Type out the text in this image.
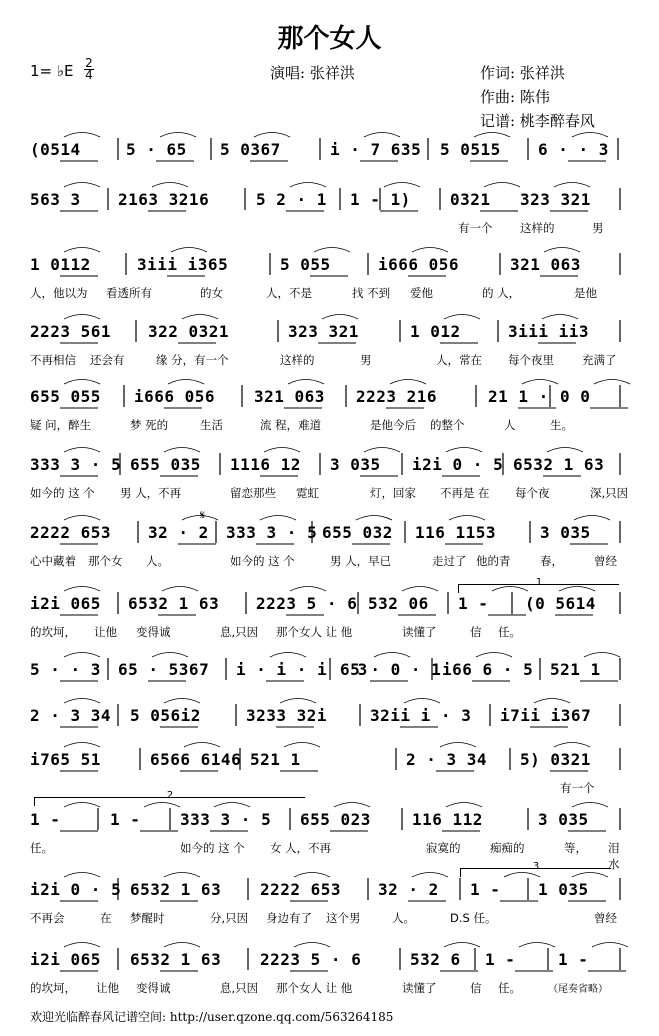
那个女人
1= ♭E 2
4	演唱: 张祥洪	作词: 张祥洪
作曲: 陈伟
记谱: 桃李醉春风
(0514	5 · 65 5 0367	i · 7 635 5 0515 6 · · 3
563 3 2163 3216	5 2 · 1 1 - 1) 0321 323 321
有一个 这样的	男
1 0112	3iii i365	5 055	i666 056	321 063
人，他以为 看透所有	的女	人，不是	找 不到 爱他	的 人，	是他
2223 561 322 0321	323 321	1 012	3iii ii3
不再相信 还会有	缘 分，有一个	这样的	男	人，常在 每个夜里 充满了
655 055 i666 056 321 063 2223 216	21 1 · 0 0
疑 问，醉生	梦 死的	生活	流 程，难道	是他今后 的整个	人	生。
333 3 · 5 655 035 1116 12 3 035 i2i 0 · 5 6532 1 63
如今的 这 个 男 人，不再	留恋那些 霓虹	灯，回家 不再是 在 每个夜	深,只因
2222 653 32 · 2 333 3 · 5 655 032 116 1153	3 035
心中藏着 那个女 人。	如今的 这 个	男 人，早已	走过了 他的青	春，	曾经
i2i 065 6532 1 63 2223 5 · 6 532 06 1 - (0 5614
的坎坷， 让他 变得诚	息,只因 那个女人 让 他	读懂了	信 任。
5 · · 3 65 · 5367 i · i · i · 3
65 · 0 · 1 i66 6 · 5 521 1
2 · 3 34 5 056i2	3233 32i	32ii i · 3 i7ii i367
i765 51	6566 6146 521 1	2 · 3 34 5) 0321
有一个
1 -	1 - 333 3 · 5 655 023	116 112	3 035
任。	如今的 这 个 女 人，不再	寂寞的	痴痴的	等， 泪水
i2i 0 · 5 6532 1 63 2222 653 32 · 2 1 - 1 035
不再会	在 梦醒时	分,只因 身边有了 这个男	人。	D.S 任。	曾经
i2i 065 6532 1 63 2223 5 · 6	532 6 1 -	1 -
的坎坷， 让他 变得诚	息,只因 那个女人 让 他	读懂了	信 任。	（尾奏省略）
欢迎光临醉春风记谱空间: http://user.qzone.qq.com/563264185
1
2
3
𝄋
